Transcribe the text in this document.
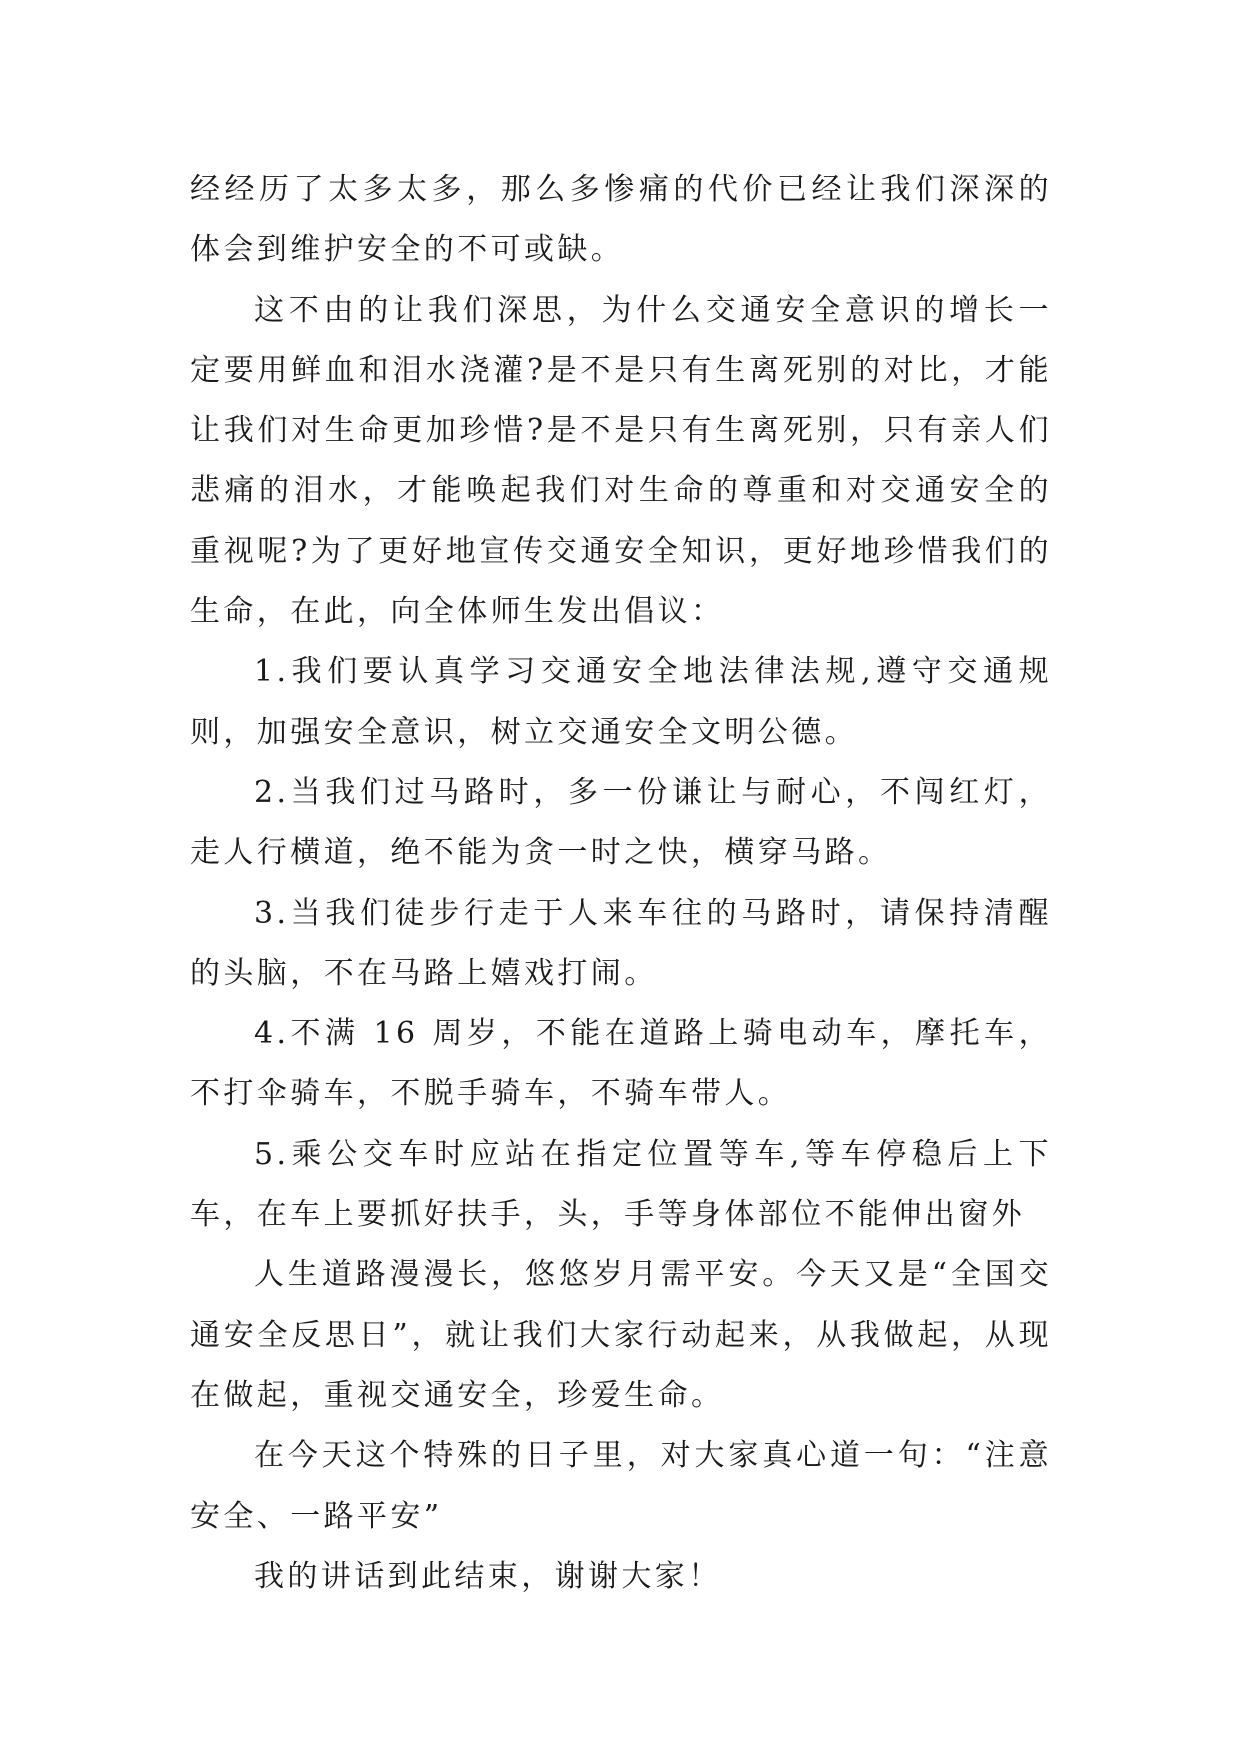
经经历了太多太多，那么多惨痛的代价已经让我们深深的体会到维护安全的不可或缺。

这不由的让我们深思，为什么交通安全意识的增长一定要用鲜血和泪水浇灌?是不是只有生离死别的对比，才能让我们对生命更加珍惜?是不是只有生离死别，只有亲人们悲痛的泪水，才能唤起我们对生命的尊重和对交通安全的重视呢?为了更好地宣传交通安全知识，更好地珍惜我们的生命，在此，向全体师生发出倡议：

1.我们要认真学习交通安全地法律法规,遵守交通规则，加强安全意识，树立交通安全文明公德。

2.当我们过马路时，多一份谦让与耐心，不闯红灯，走人行横道，绝不能为贪一时之快，横穿马路。

3.当我们徒步行走于人来车往的马路时，请保持清醒的头脑，不在马路上嬉戏打闹。

4.不满 16 周岁，不能在道路上骑电动车，摩托车，不打伞骑车，不脱手骑车，不骑车带人。

5.乘公交车时应站在指定位置等车,等车停稳后上下车，在车上要抓好扶手，头，手等身体部位不能伸出窗外

人生道路漫漫长，悠悠岁月需平安。今天又是“全国交通安全反思日”，就让我们大家行动起来，从我做起，从现在做起，重视交通安全，珍爱生命。

在今天这个特殊的日子里，对大家真心道一句：“注意安全、一路平安”

我的讲话到此结束，谢谢大家！
